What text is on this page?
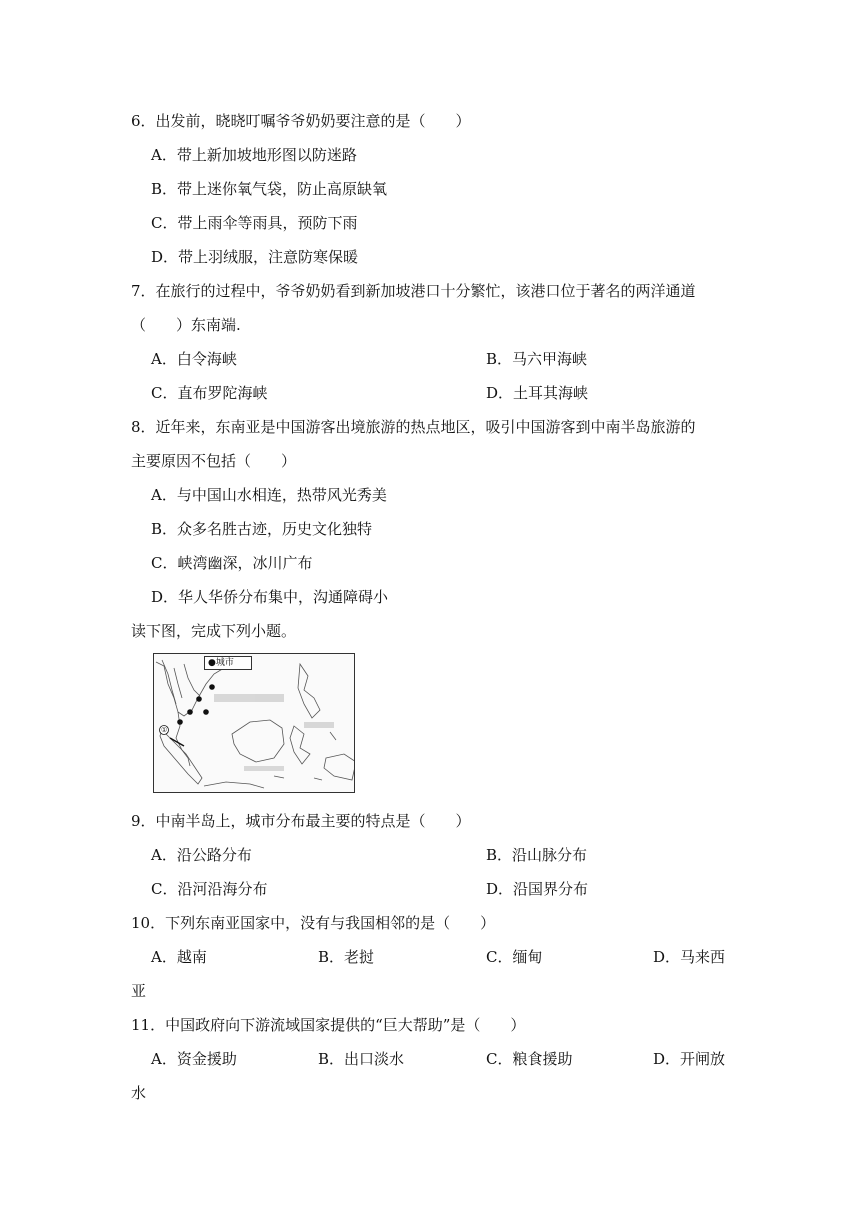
6．出发前，晓晓叮嘱爷爷奶奶要注意的是（　　）
A．带上新加坡地形图以防迷路
B．带上迷你氧气袋，防止高原缺氧
C．带上雨伞等雨具，预防下雨
D．带上羽绒服，注意防寒保暖
7．在旅行的过程中，爷爷奶奶看到新加坡港口十分繁忙，该港口位于著名的两洋通道
（　　）东南端.
A．白令海峡	B．马六甲海峡
C．直布罗陀海峡	D．土耳其海峡
8．近年来，东南亚是中国游客出境旅游的热点地区，吸引中国游客到中南半岛旅游的
主要原因不包括（　　）
A．与中国山水相连，热带风光秀美
B．众多名胜古迹，历史文化独特
C．峡湾幽深，冰川广布
D．华人华侨分布集中，沟通障碍小
读下图，完成下列小题。
●城市
①
9．中南半岛上，城市分布最主要的特点是（　　）
A．沿公路分布	B．沿山脉分布
C．沿河沿海分布	D．沿国界分布
10．下列东南亚国家中，没有与我国相邻的是（　　）
A．越南	B．老挝	C．缅甸	D．马来西
亚
11．中国政府向下游流域国家提供的“巨大帮助”是（　　）
A．资金援助	B．出口淡水	C．粮食援助	D．开闸放
水
